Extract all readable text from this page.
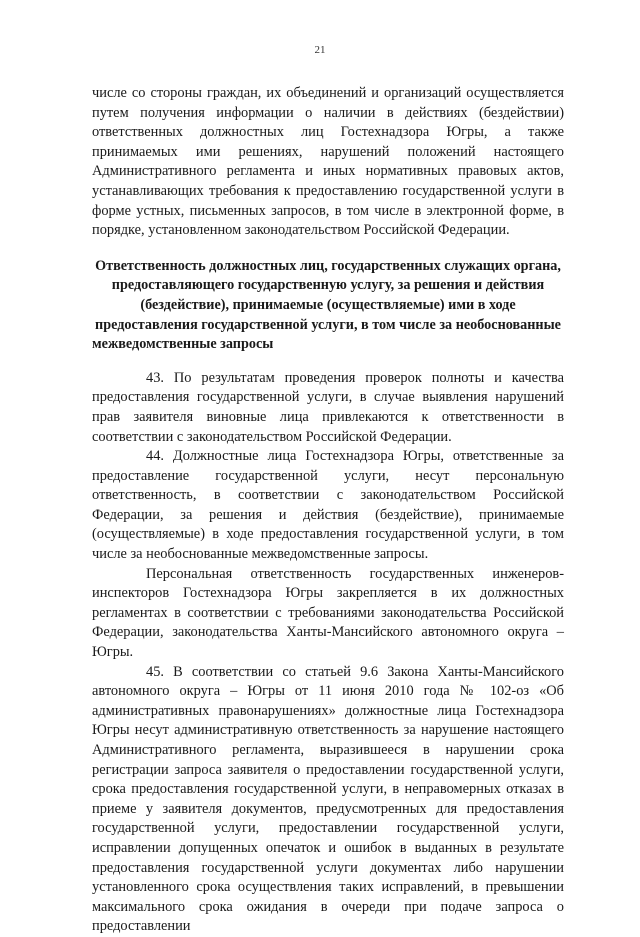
21

числе со стороны граждан, их объединений и организаций осуществляется путем получения информации о наличии в действиях (бездействии) ответственных должностных лиц Гостехнадзора Югры, а также принимаемых ими решениях, нарушений положений настоящего Административного регламента и иных нормативных правовых актов, устанавливающих требования к предоставлению государственной услуги в форме устных, письменных запросов, в том числе в электронной форме, в порядке, установленном законодательством Российской Федерации.

Ответственность должностных лиц, государственных служащих органа, предоставляющего государственную услугу, за решения и действия (бездействие), принимаемые (осуществляемые) ими в ходе предоставления государственной услуги, в том числе за необоснованные межведомственные запросы

43. По результатам проведения проверок полноты и качества предоставления государственной услуги, в случае выявления нарушений прав заявителя виновные лица привлекаются к ответственности в соответствии с законодательством Российской Федерации.

44. Должностные лица Гостехнадзора Югры, ответственные за предоставление государственной услуги, несут персональную ответственность, в соответствии с законодательством Российской Федерации, за решения и действия (бездействие), принимаемые (осуществляемые) в ходе предоставления государственной услуги, в том числе за необоснованные межведомственные запросы.

Персональная ответственность государственных инженеров-инспекторов Гостехнадзора Югры закрепляется в их должностных регламентах в соответствии с требованиями законодательства Российской Федерации, законодательства Ханты-Мансийского автономного округа – Югры.

45. В соответствии со статьей 9.6 Закона Ханты-Мансийского автономного округа – Югры от 11 июня 2010 года № 102-оз «Об административных правонарушениях» должностные лица Гостехнадзора Югры несут административную ответственность за нарушение настоящего Административного регламента, выразившееся в нарушении срока регистрации запроса заявителя о предоставлении государственной услуги, срока предоставления государственной услуги, в неправомерных отказах в приеме у заявителя документов, предусмотренных для предоставления государственной услуги, предоставлении государственной услуги, исправлении допущенных опечаток и ошибок в выданных в результате предоставления государственной услуги документах либо нарушении установленного срока осуществления таких исправлений, в превышении максимального срока ожидания в очереди при подаче запроса о предоставлении
